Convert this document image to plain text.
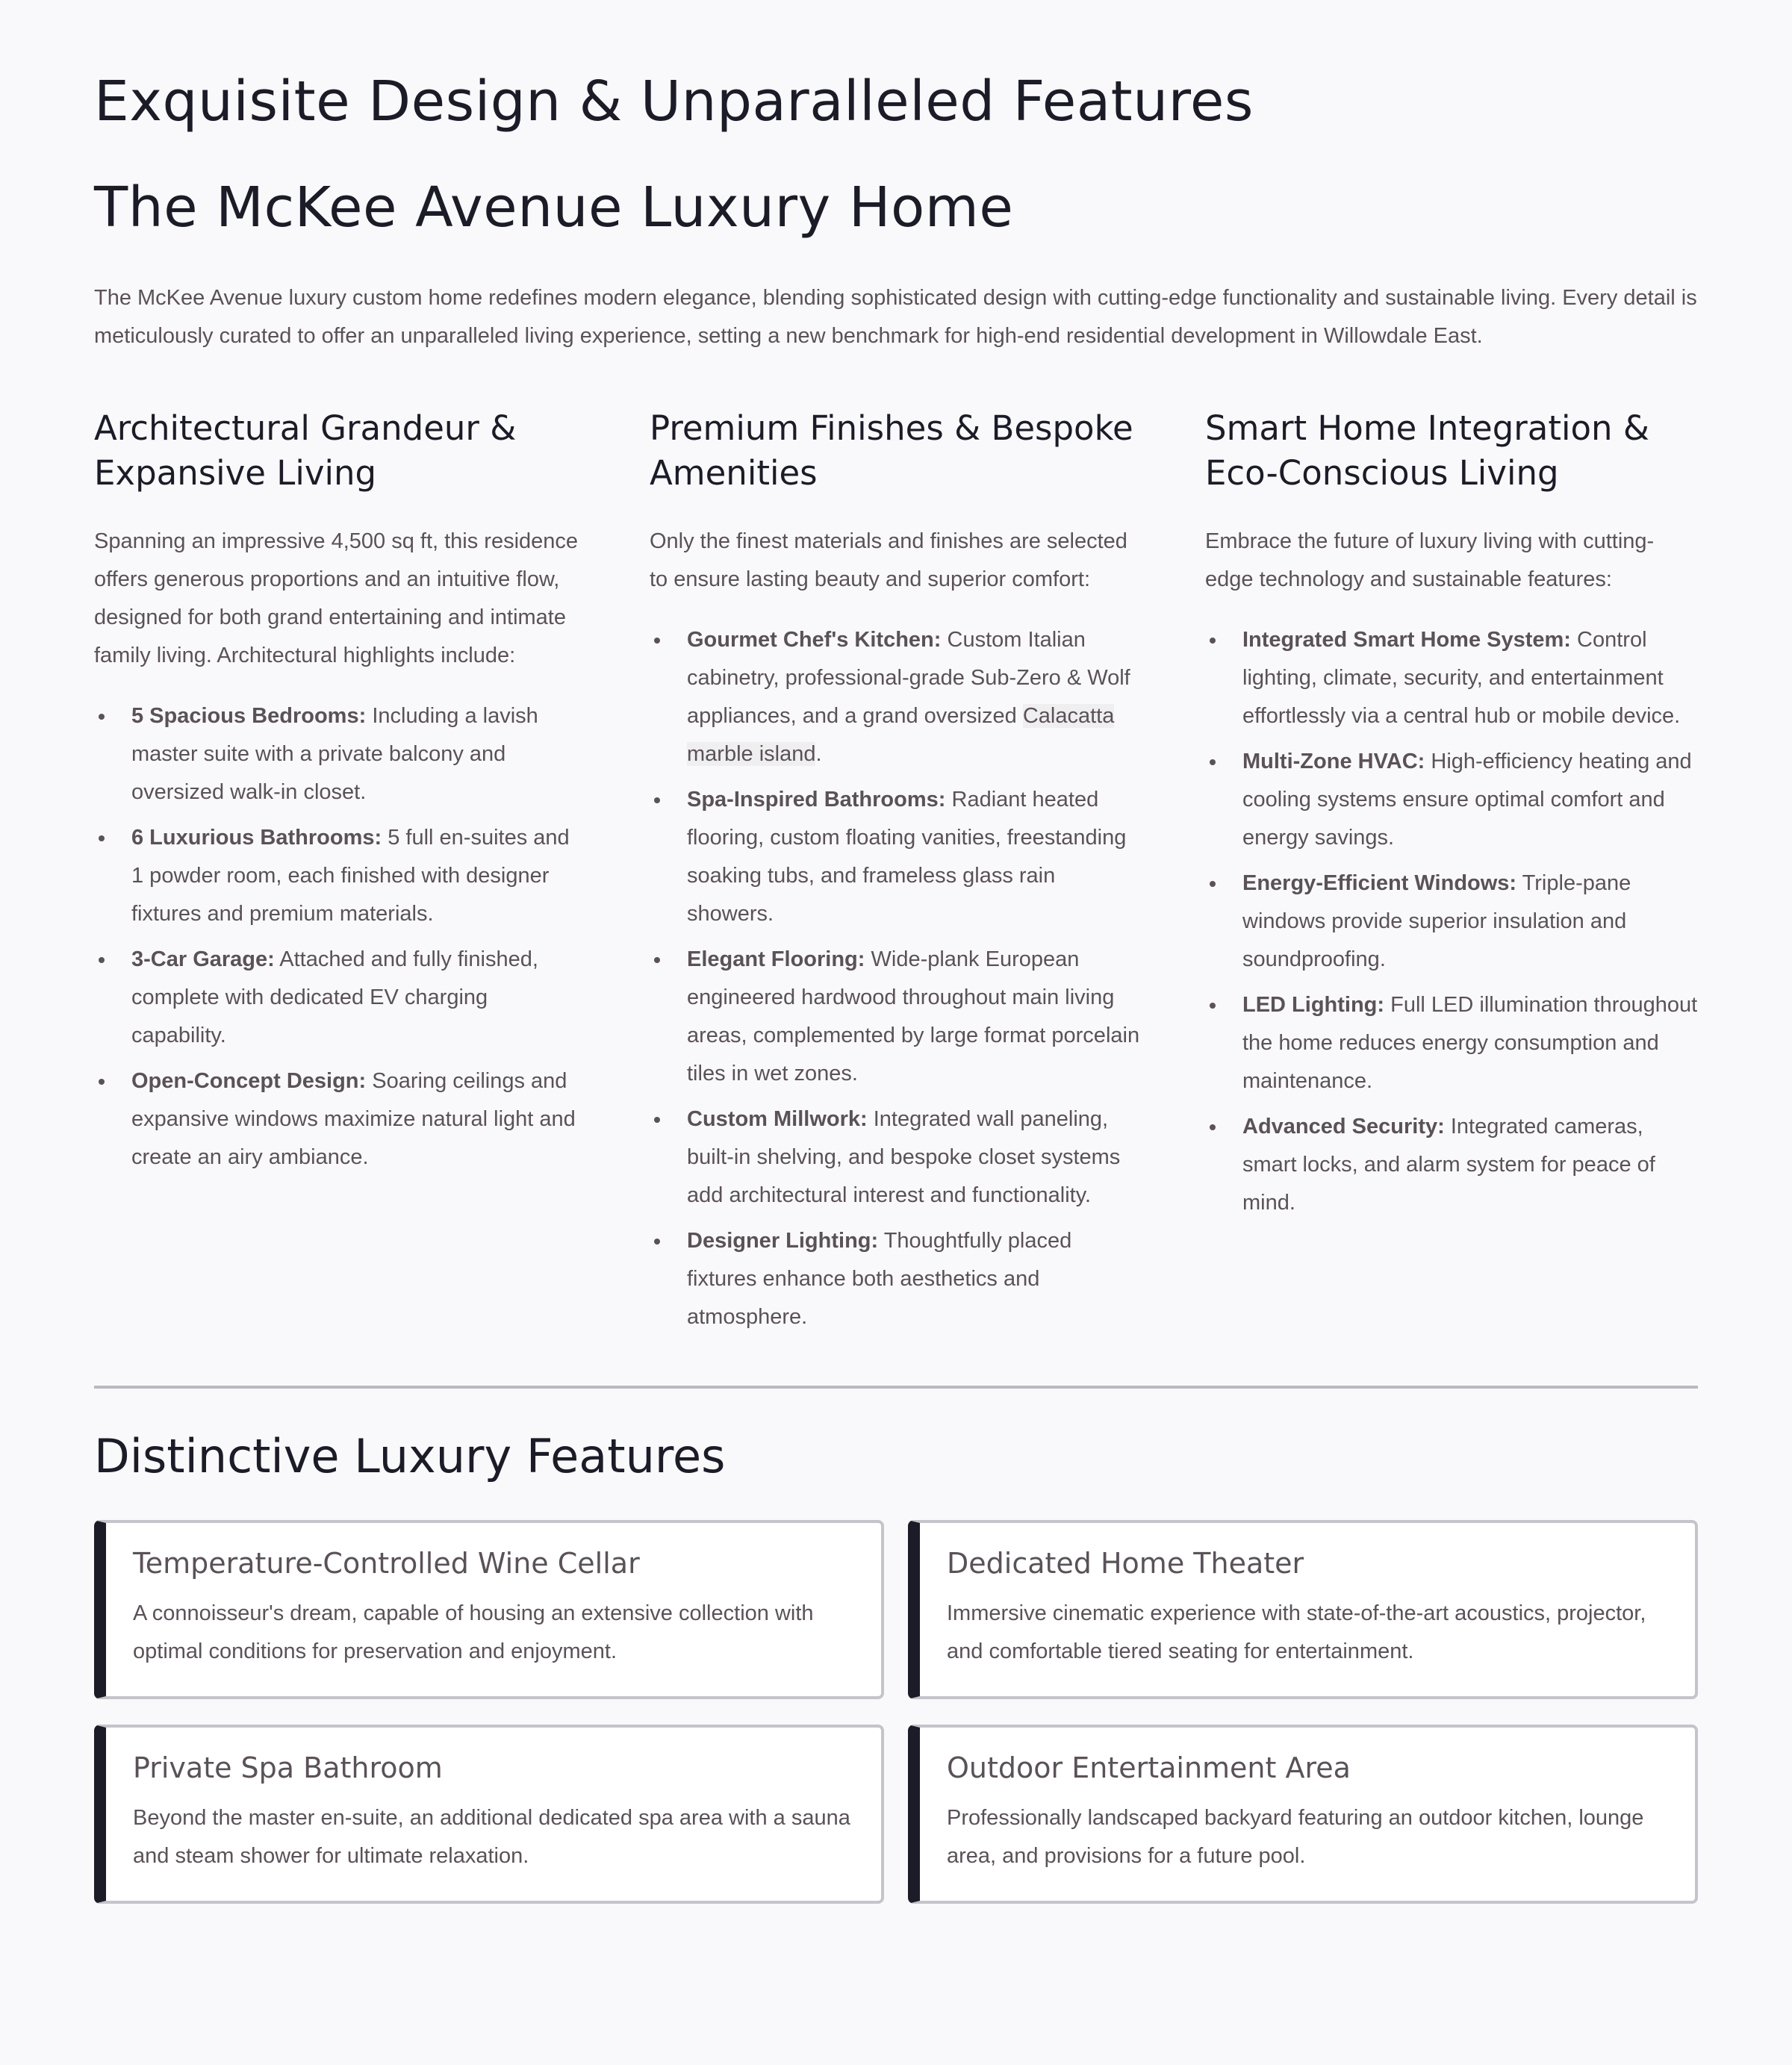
Exquisite Design & Unparalleled Features
The McKee Avenue Luxury Home

The McKee Avenue luxury custom home redefines modern elegance, blending sophisticated design with cutting-edge functionality and sustainable living. Every detail is meticulously curated to offer an unparalleled living experience, setting a new benchmark for high-end residential development in Willowdale East.

Architectural Grandeur & Expansive Living

Spanning an impressive 4,500 sq ft, this residence offers generous proportions and an intuitive flow, designed for both grand entertaining and intimate family living. Architectural highlights include:

5 Spacious Bedrooms: Including a lavish master suite with a private balcony and oversized walk-in closet.
6 Luxurious Bathrooms: 5 full en-suites and 1 powder room, each finished with designer fixtures and premium materials.
3-Car Garage: Attached and fully finished, complete with dedicated EV charging capability.
Open-Concept Design: Soaring ceilings and expansive windows maximize natural light and create an airy ambiance.
Premium Finishes & Bespoke Amenities

Only the finest materials and finishes are selected to ensure lasting beauty and superior comfort:

Gourmet Chef's Kitchen: Custom Italian cabinetry, professional-grade Sub-Zero & Wolf appliances, and a grand oversized Calacatta marble island.
Spa-Inspired Bathrooms: Radiant heated flooring, custom floating vanities, freestanding soaking tubs, and frameless glass rain showers.
Elegant Flooring: Wide-plank European engineered hardwood throughout main living areas, complemented by large format porcelain tiles in wet zones.
Custom Millwork: Integrated wall paneling, built-in shelving, and bespoke closet systems add architectural interest and functionality.
Designer Lighting: Thoughtfully placed fixtures enhance both aesthetics and atmosphere.
Smart Home Integration & Eco-Conscious Living

Embrace the future of luxury living with cutting-edge technology and sustainable features:

Integrated Smart Home System: Control lighting, climate, security, and entertainment effortlessly via a central hub or mobile device.
Multi-Zone HVAC: High-efficiency heating and cooling systems ensure optimal comfort and energy savings.
Energy-Efficient Windows: Triple-pane windows provide superior insulation and soundproofing.
LED Lighting: Full LED illumination throughout the home reduces energy consumption and maintenance.
Advanced Security: Integrated cameras, smart locks, and alarm system for peace of mind.
Distinctive Luxury Features
Temperature-Controlled Wine Cellar

A connoisseur's dream, capable of housing an extensive collection with optimal conditions for preservation and enjoyment.

Dedicated Home Theater

Immersive cinematic experience with state-of-the-art acoustics, projector, and comfortable tiered seating for entertainment.

Private Spa Bathroom

Beyond the master en-suite, an additional dedicated spa area with a sauna and steam shower for ultimate relaxation.

Outdoor Entertainment Area

Professionally landscaped backyard featuring an outdoor kitchen, lounge area, and provisions for a future pool.
